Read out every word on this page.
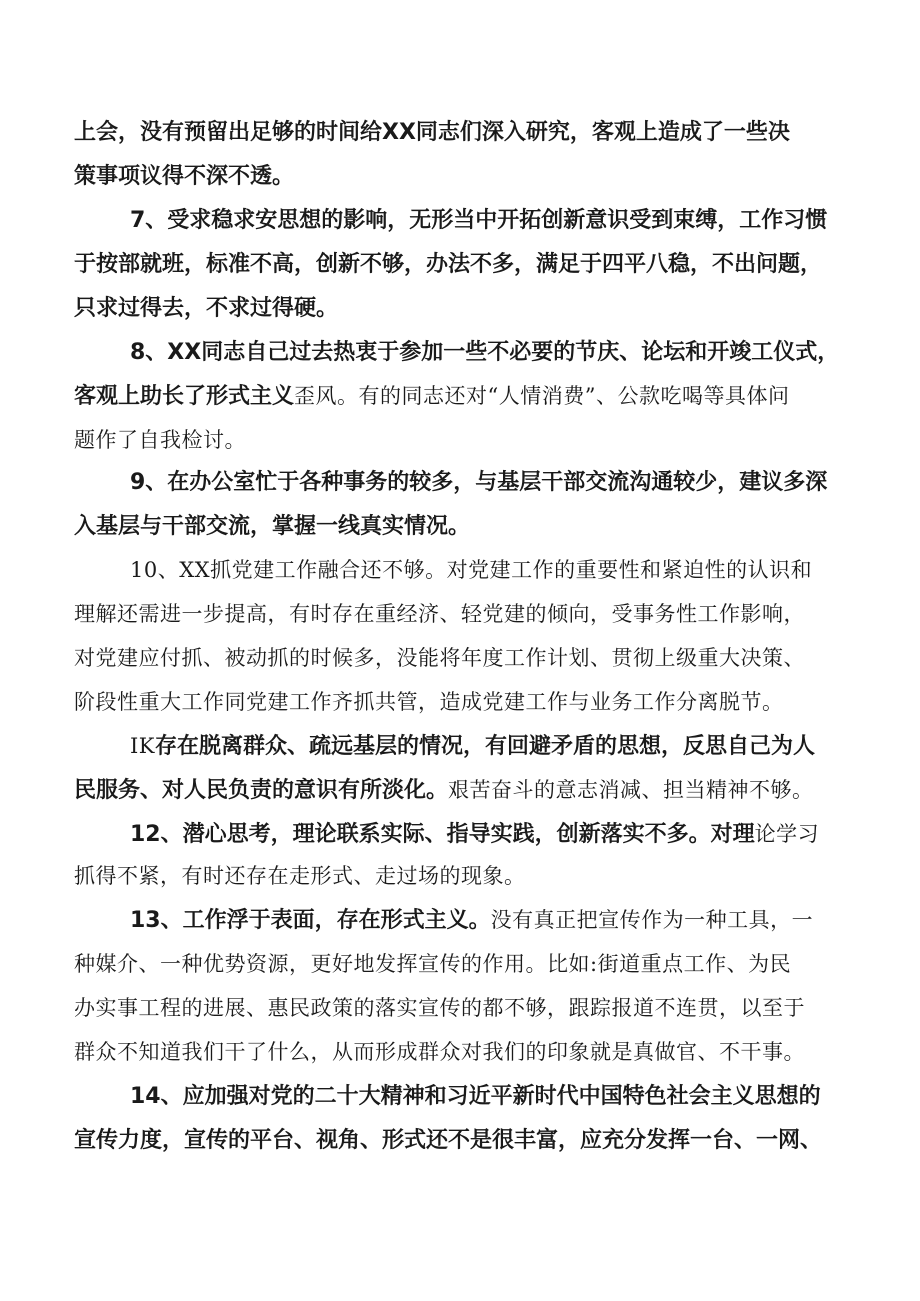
上会，没有预留出足够的时间给XX同志们深入研究，客观上造成了一些决
策事项议得不深不透。
7、受求稳求安思想的影响，无形当中开拓创新意识受到束缚，工作习惯
于按部就班，标准不高，创新不够，办法不多，满足于四平八稳，不出问题，
只求过得去，不求过得硬。
8、XX同志自己过去热衷于参加一些不必要的节庆、论坛和开竣工仪式，
客观上助长了形式主义歪风。有的同志还对“人情消费”、公款吃喝等具体问
题作了自我检讨。
9、在办公室忙于各种事务的较多，与基层干部交流沟通较少，建议多深
入基层与干部交流，掌握一线真实情况。
10、XX抓党建工作融合还不够。对党建工作的重要性和紧迫性的认识和
理解还需进一步提高，有时存在重经济、轻党建的倾向，受事务性工作影响，
对党建应付抓、被动抓的时候多，没能将年度工作计划、贯彻上级重大决策、
阶段性重大工作同党建工作齐抓共管，造成党建工作与业务工作分离脱节。
IK存在脱离群众、疏远基层的情况，有回避矛盾的思想，反思自己为人
民服务、对人民负责的意识有所淡化。艰苦奋斗的意志消减、担当精神不够。
12、潜心思考，理论联系实际、指导实践，创新落实不多。对理论学习
抓得不紧，有时还存在走形式、走过场的现象。
13、工作浮于表面，存在形式主义。没有真正把宣传作为一种工具，一
种媒介、一种优势资源，更好地发挥宣传的作用。比如:街道重点工作、为民
办实事工程的进展、惠民政策的落实宣传的都不够，跟踪报道不连贯，以至于
群众不知道我们干了什么，从而形成群众对我们的印象就是真做官、不干事。
14、应加强对党的二十大精神和习近平新时代中国特色社会主义思想的
宣传力度，宣传的平台、视角、形式还不是很丰富，应充分发挥一台、一网、
